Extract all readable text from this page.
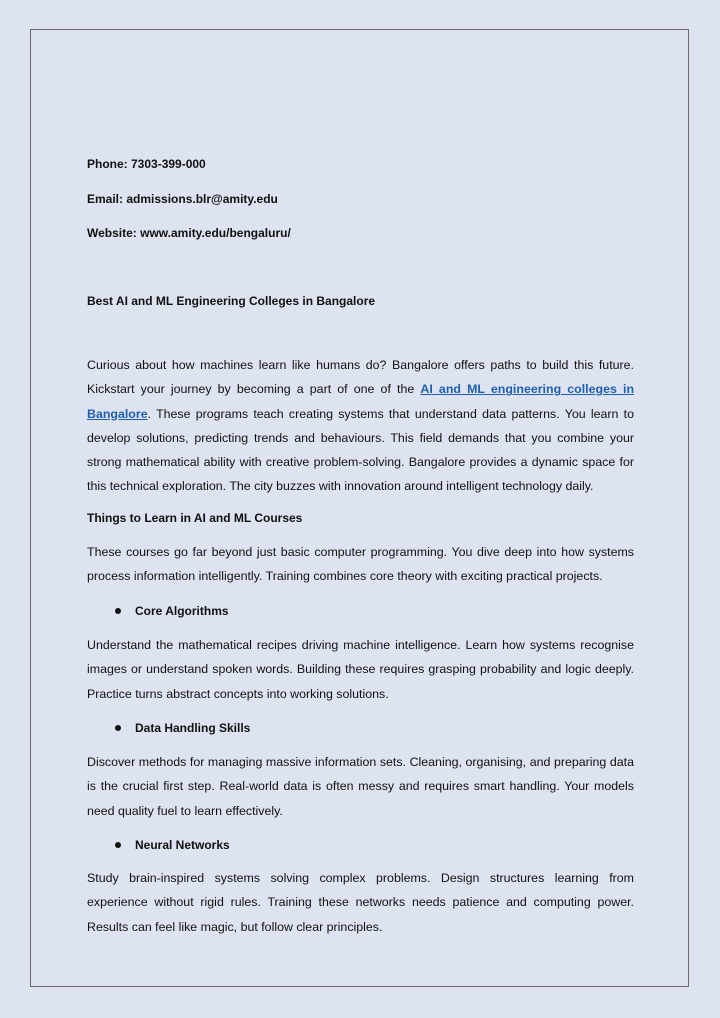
Phone: 7303-399-000

Email: admissions.blr@amity.edu

Website: www.amity.edu/bengaluru/

Best AI and ML Engineering Colleges in Bangalore

Curious about how machines learn like humans do? Bangalore offers paths to build this future. Kickstart your journey by becoming a part of one of the AI and ML engineering colleges in Bangalore. These programs teach creating systems that understand data patterns. You learn to develop solutions, predicting trends and behaviours. This field demands that you combine your strong mathematical ability with creative problem-solving. Bangalore provides a dynamic space for this technical exploration. The city buzzes with innovation around intelligent technology daily.

Things to Learn in AI and ML Courses

These courses go far beyond just basic computer programming. You dive deep into how systems process information intelligently. Training combines core theory with exciting practical projects.

Core Algorithms

Understand the mathematical recipes driving machine intelligence. Learn how systems recognise images or understand spoken words. Building these requires grasping probability and logic deeply. Practice turns abstract concepts into working solutions.

Data Handling Skills

Discover methods for managing massive information sets. Cleaning, organising, and preparing data is the crucial first step. Real-world data is often messy and requires smart handling. Your models need quality fuel to learn effectively.

Neural Networks

Study brain-inspired systems solving complex problems. Design structures learning from experience without rigid rules. Training these networks needs patience and computing power. Results can feel like magic, but follow clear principles.
